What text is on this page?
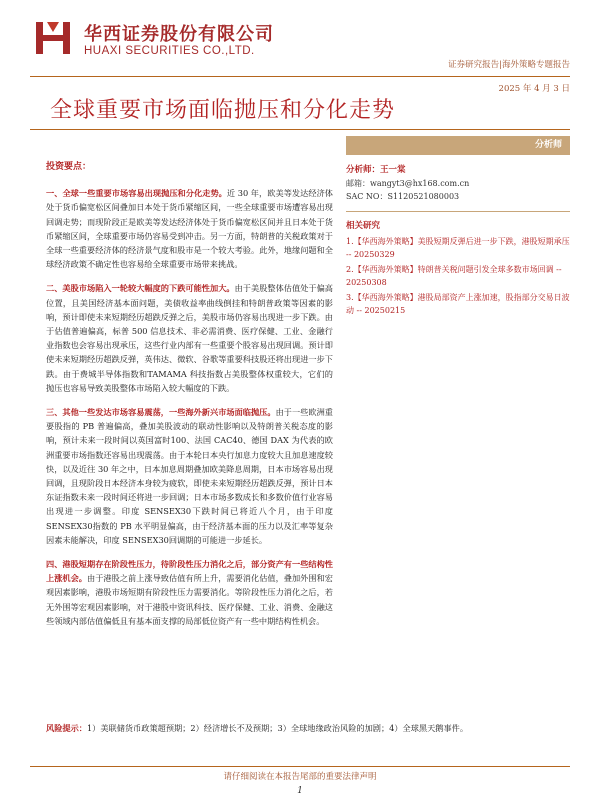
华西证券股份有限公司
HUAXI SECURITIES CO.,LTD.
证券研究报告|海外策略专题报告
2025 年 4 月 3 日
全球重要市场面临抛压和分化走势
投资要点：

一、全球一些重要市场容易出现抛压和分化走势。近 30 年，欧美等发达经济体处于货币偏宽松区间叠加日本处于货币紧缩区间，一些全球重要市场遭容易出现回调走势；而现阶段正是欧美等发达经济体处于货币偏宽松区间并且日本处于货币紧缩区间，全球重要市场仍容易受到冲击。另一方面，特朗普的关税政策对于全球一些重要经济体的经济景气度和股市是一个较大考验。此外，地缘问题和全球经济政策不确定性也容易给全球重要市场带来挑战。

二、美股市场陷入一轮较大幅度的下跌可能性加大。由于美股整体估值处于偏高位置，且美国经济基本面问题，美债收益率曲线倒挂和特朗普政策等因素的影响，预计即使未来短期经历超跌反弹之后，美股市场仍容易出现进一步下跌。由于估值普遍偏高，标普 500 信息技术、非必需消费、医疗保健、工业、金融行业指数也会容易出现承压，这些行业内部有一些重要个股容易出现回调。预计即使未来短期经历超跌反弹，英伟达、微软、谷歌等重要科技股还将出现进一步下跌。由于费城半导体指数和TAMAMA 科技指数占美股整体权重较大，它们的抛压也容易导致美股整体市场陷入较大幅度的下跌。

三、其他一些发达市场容易震荡，一些海外新兴市场面临抛压。由于一些欧洲重要股指的 PB 普遍偏高，叠加美股波动的联动性影响以及特朗普关税态度的影响，预计未来一段时间以英国富时100、法国 CAC40、德国 DAX 为代表的欧洲重要市场指数还容易出现震荡。由于本轮日本央行加息力度较大且加息速度较快，以及近往 30 年之中，日本加息周期叠加欧美降息周期，日本市场容易出现回调，且现阶段日本经济本身较为疲软，即使未来短期经历超跌反弹，预计日本东证指数未来一段时间还将进一步回调；日本市场多数成长和多数价值行业容易出现进一步调整。印度 SENSEX30下跌时间已将近八个月，由于印度 SENSEX30指数的 PB 水平明显偏高，由于经济基本面的压力以及汇率等复杂因素未能解决，印度 SENSEX30回调期的可能进一步延长。

四、港股短期存在阶段性压力，待阶段性压力消化之后，部分资产有一些结构性上涨机会。由于港股之前上涨导致估值有所上升，需要消化估值，叠加外围和宏观因素影响，港股市场短期有阶段性压力需要消化。等阶段性压力消化之后，若无外围等宏观因素影响，对于港股中资讯科技、医疗保健、工业、消费、金融这些领域内部估值偏低且有基本面支撑的局部低位资产有一些中期结构性机会。

分析师
分析师：王一棠
邮箱：wangyt3@hx168.com.cn
SAC NO：S1120521080003
相关研究
1.【华西海外策略】美股短期反弹后进一步下跌，港股短期承压 -- 20250329
2.【华西海外策略】特朗普关税问题引发全球多数市场回调 -- 20250308
3.【华西海外策略】港股局部资产上涨加速，股指部分交易日波动 -- 20250215
风险提示：1）美联储货币政策超预期；2）经济增长不及预期；3）全球地缘政治风险的加剧；4）全球黑天鹅事件。
请仔细阅读在本报告尾部的重要法律声明
1
